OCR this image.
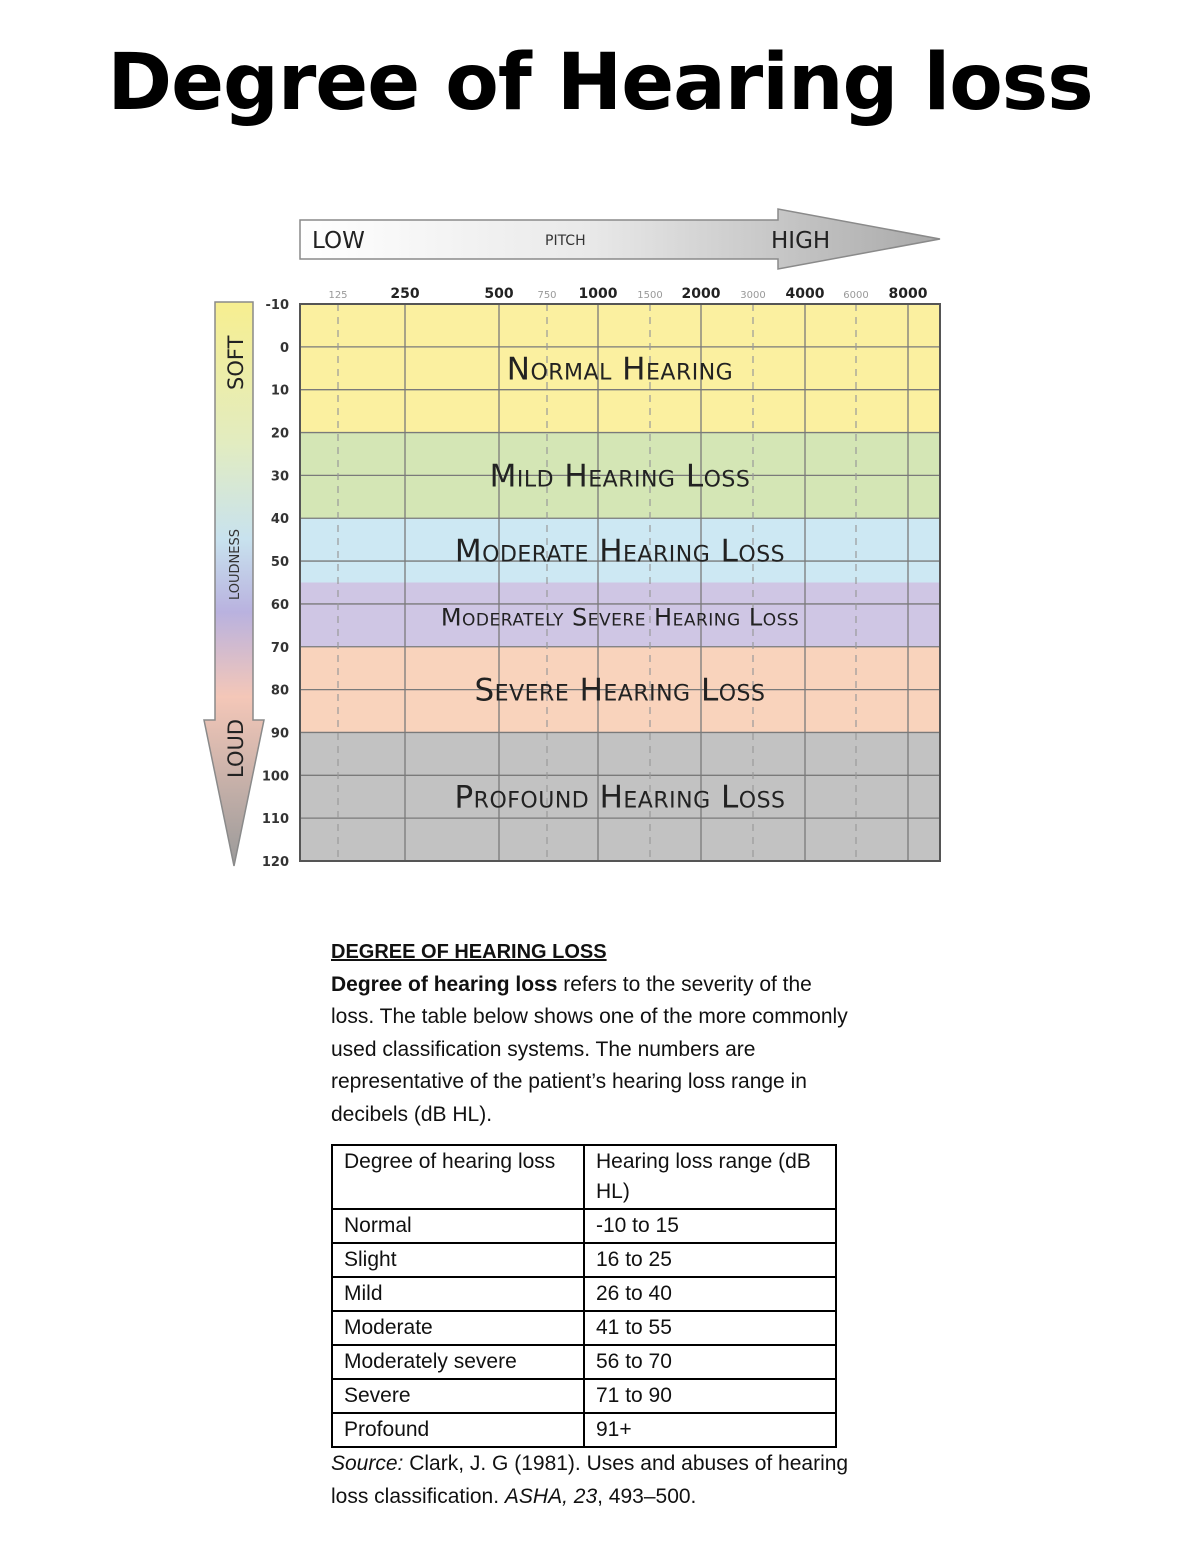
Degree of Hearing loss
LOW	PITCH	HIGH
SOFT
LOUDNESS
LOUD
125	250	500 750 1000 1500 2000 3000 4000 6000 8000
-10
0
10
20
30
40
50
60
70
80
90
100
110
120
Normal Hearing
Mild Hearing Loss
Moderate Hearing Loss
Moderately Severe Hearing Loss
Severe Hearing Loss
Profound Hearing Loss
DEGREE OF HEARING LOSS
Degree of hearing loss refers to the severity of the loss. The table below shows one of the more commonly used classification systems. The numbers are representative of the patient’s hearing loss range in decibels (dB HL).
Degree of hearing loss	Hearing loss range (dB HL)
Normal	-10 to 15
Slight	16 to 25
Mild	26 to 40
Moderate	41 to 55
Moderately severe	56 to 70
Severe	71 to 90
Profound	91+
Source: Clark, J. G (1981). Uses and abuses of hearing loss classification. ASHA, 23, 493–500.
